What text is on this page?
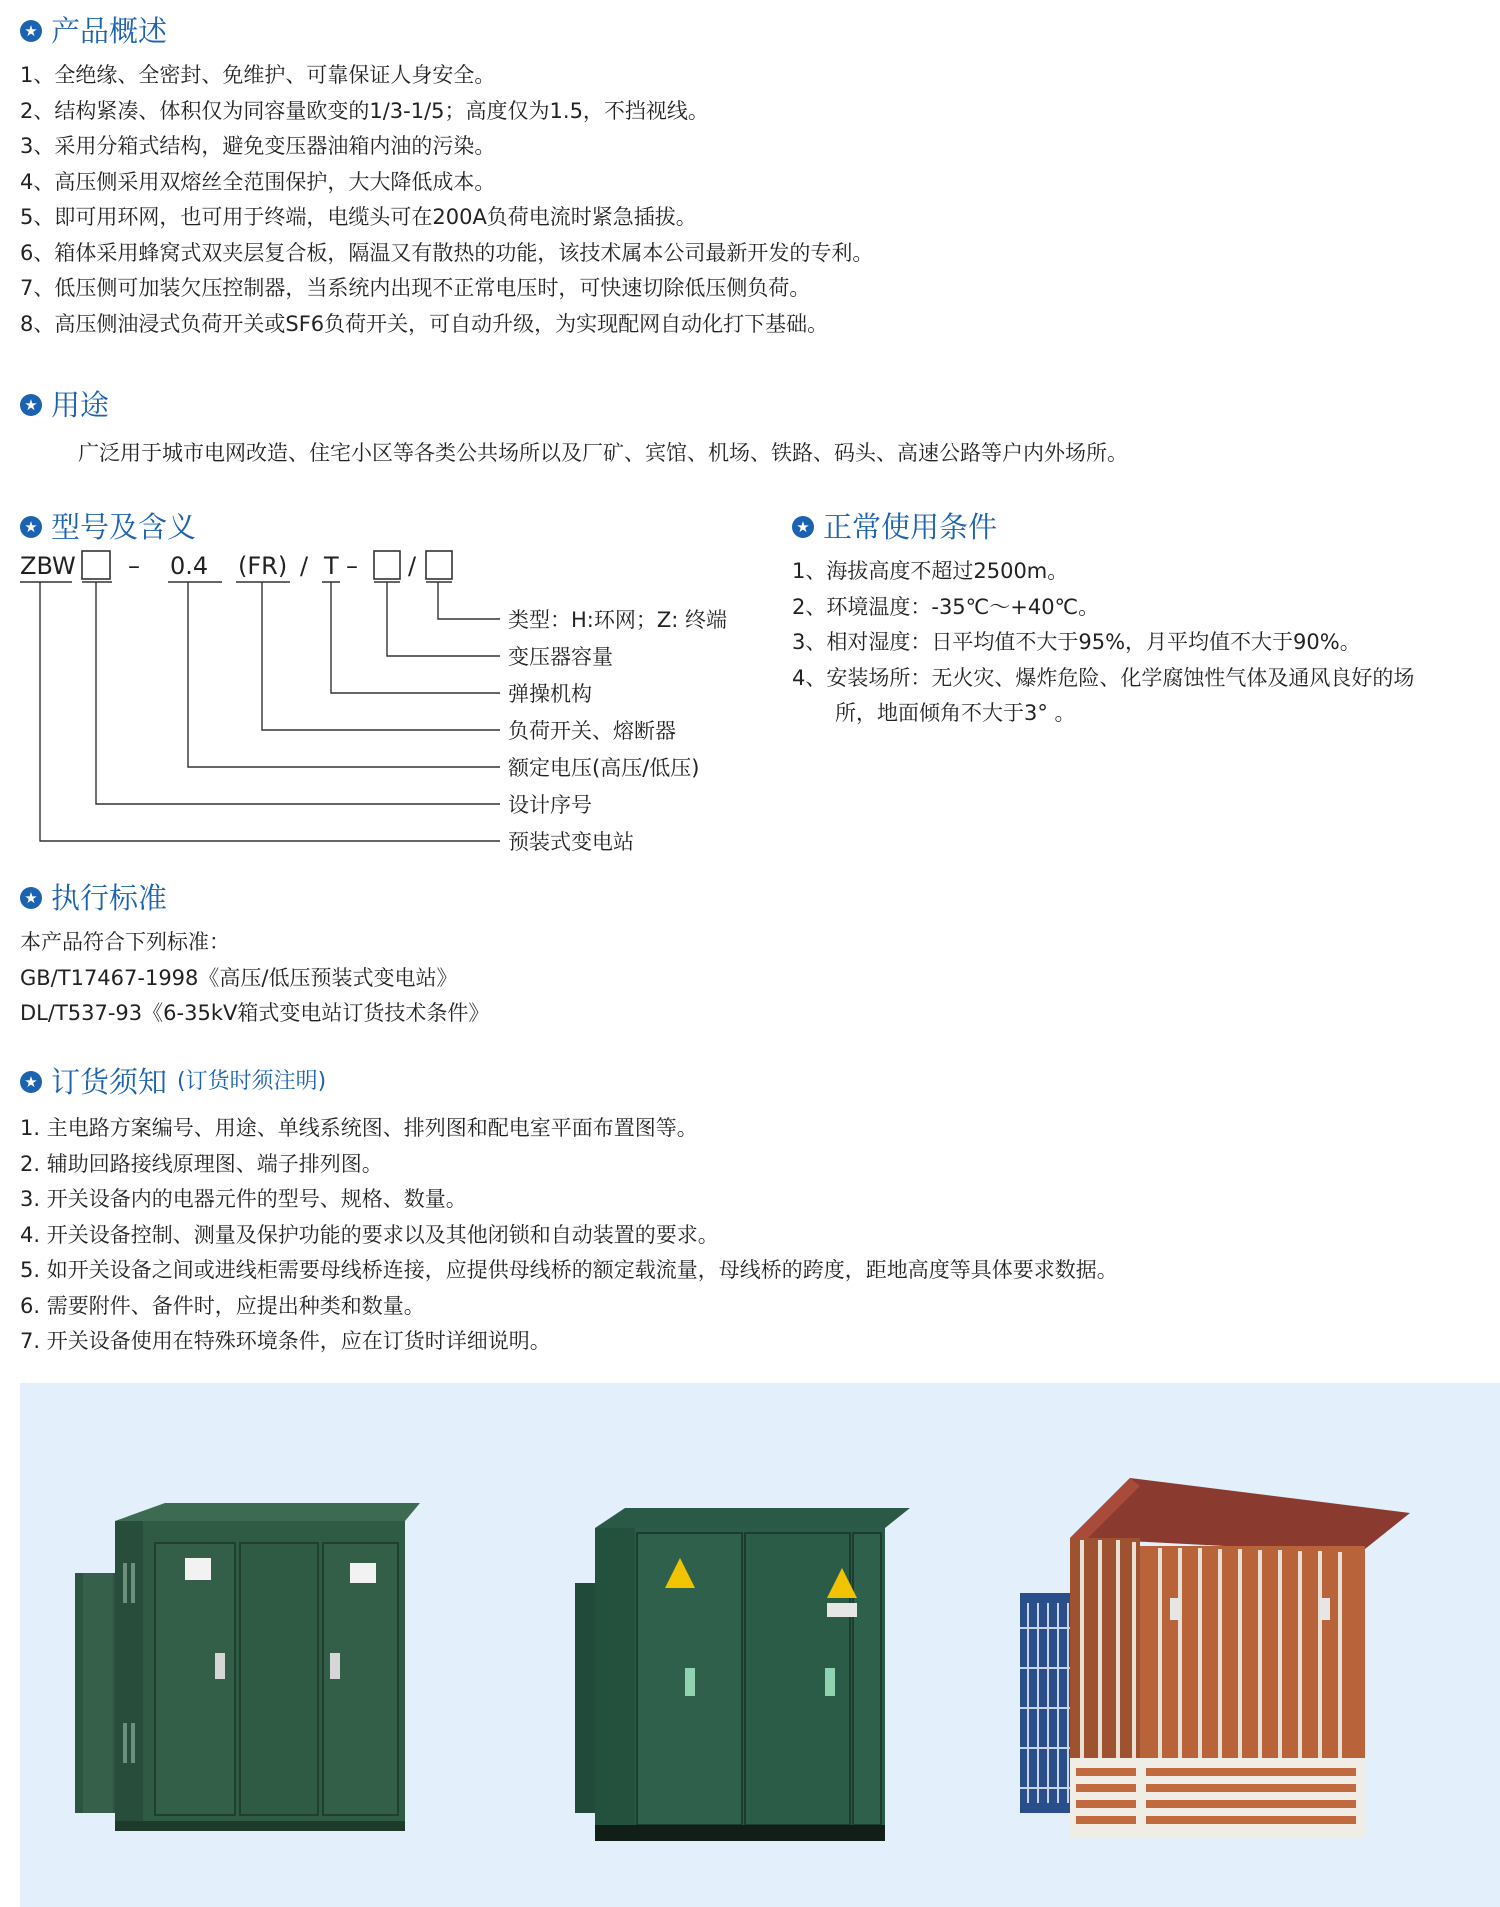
★ 产品概述
1、全绝缘、全密封、免维护、可靠保证人身安全。
2、结构紧凑、体积仅为同容量欧变的1/3-1/5；高度仅为1.5，不挡视线。
3、采用分箱式结构，避免变压器油箱内油的污染。
4、高压侧采用双熔丝全范围保护，大大降低成本。
5、即可用环网，也可用于终端，电缆头可在200A负荷电流时紧急插拔。
6、箱体采用蜂窝式双夹层复合板，隔温又有散热的功能，该技术属本公司最新开发的专利。
7、低压侧可加装欠压控制器，当系统内出现不正常电压时，可快速切除低压侧负荷。
8、高压侧油浸式负荷开关或SF6负荷开关，可自动升级，为实现配网自动化打下基础。
★ 用途
广泛用于城市电网改造、住宅小区等各类公共场所以及厂矿、宾馆、机场、铁路、码头、高速公路等户内外场所。
★ 型号及含义
ZBW – 0.4 (FR) / T – /
类型：H:环网；Z: 终端
变压器容量
弹操机构
负荷开关、熔断器
额定电压(高压/低压)
设计序号
预装式变电站
★ 正常使用条件
1、海拔高度不超过2500m。
2、环境温度：-35℃～+40℃。
3、相对湿度：日平均值不大于95%，月平均值不大于90%。
4、安装场所：无火灾、爆炸危险、化学腐蚀性气体及通风良好的场
所，地面倾角不大于3° 。
★ 执行标准
本产品符合下列标准：
GB/T17467-1998《高压/低压预装式变电站》
DL/T537-93《6-35kV箱式变电站订货技术条件》
★ 订货须知 (订货时须注明)
1. 主电路方案编号、用途、单线系统图、排列图和配电室平面布置图等。
2. 辅助回路接线原理图、端子排列图。
3. 开关设备内的电器元件的型号、规格、数量。
4. 开关设备控制、测量及保护功能的要求以及其他闭锁和自动装置的要求。
5. 如开关设备之间或进线柜需要母线桥连接，应提供母线桥的额定载流量，母线桥的跨度，距地高度等具体要求数据。
6. 需要附件、备件时，应提出种类和数量。
7. 开关设备使用在特殊环境条件，应在订货时详细说明。
